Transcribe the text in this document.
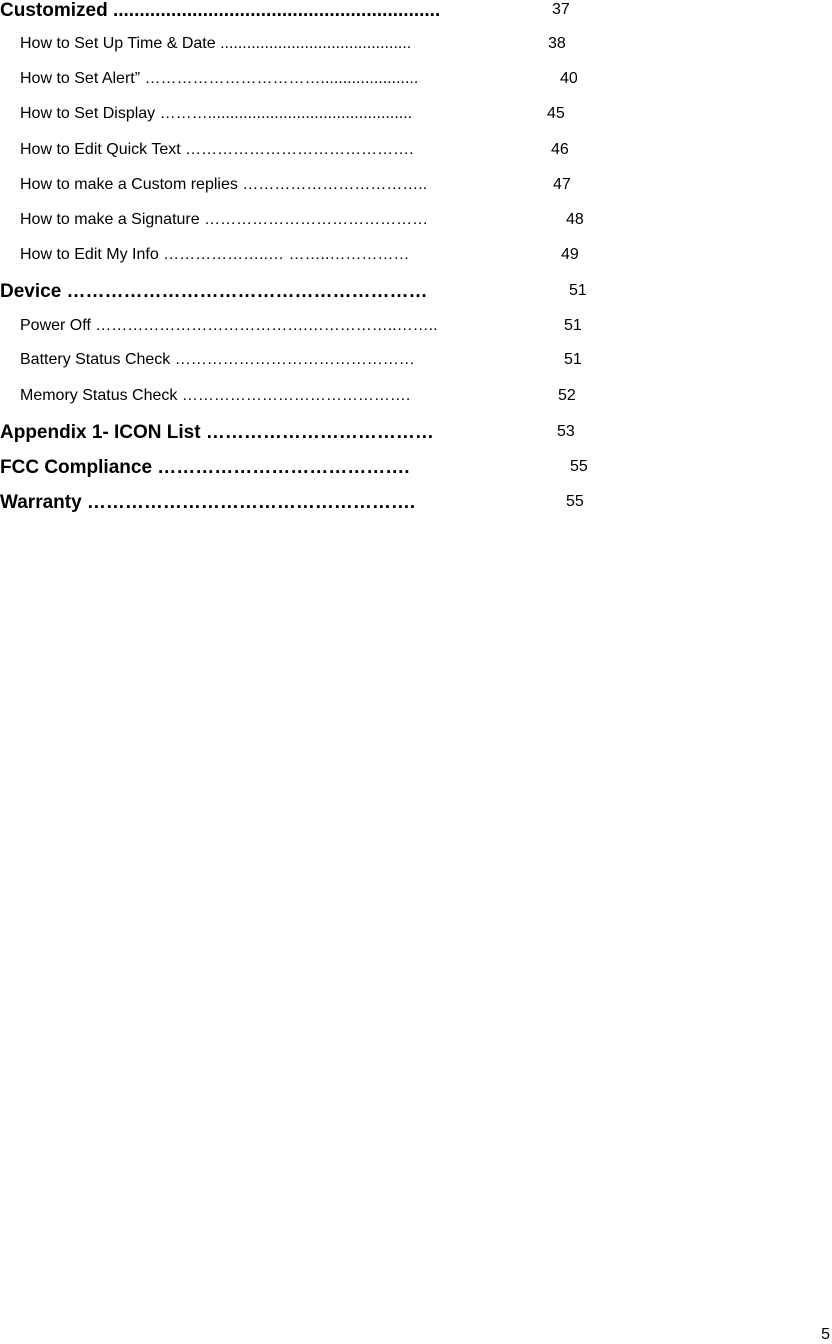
Customized ..............................................................	37
How to Set Up Time & Date ...........................................	38
How to Set Alert” ……………………………......................	40
How to Set Display ………..............................................	45
How to Edit Quick Text …………………………………….	46
How to make a Custom replies ……………………………..	47
How to make a Signature ……………………………………	48
How to Edit My Info ………………..… ……..……………	49
Device …………………………………………………	51
Power Off ………………………………….……………..……..	51
Battery Status Check ………………………………………	51
Memory Status Check …………………………………….	52
Appendix 1- ICON List ………………………………	53
FCC Compliance ………………………………….	55
Warranty …………………………………………….	55
5
